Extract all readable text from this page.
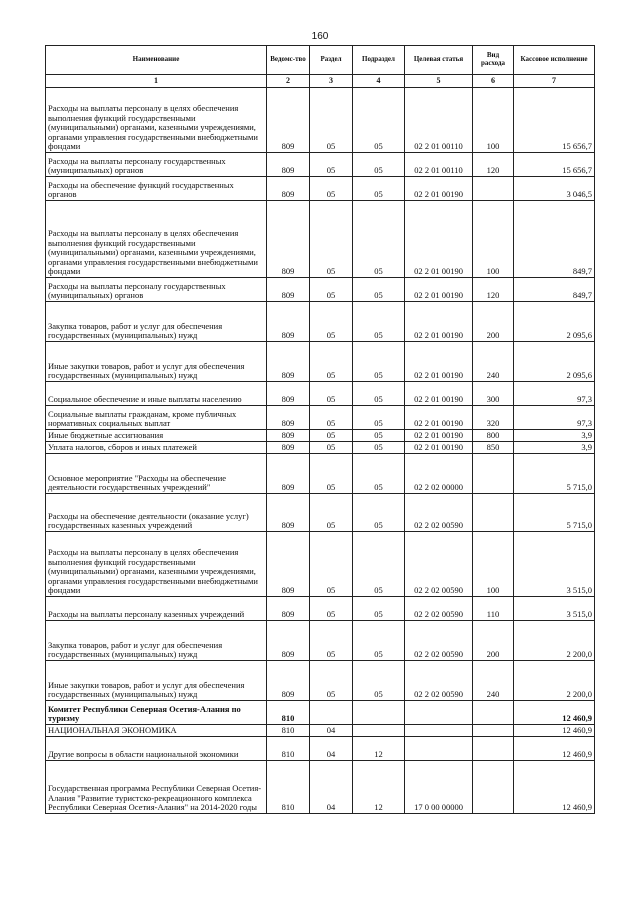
160
Наименование	Ведомс-тво	Раздел	Подраздел	Целевая статья	Вид расхода	Кассовое исполнение
1	2	3	4	5	6	7
Расходы на выплаты персоналу в целях обеспечения выполнения функций государственными (муниципальными) органами, казенными учреждениями, органами управления государственными внебюджетными фондами	809	05	05	02 2 01 00110	100	15 656,7
Расходы на выплаты персоналу государственных (муниципальных) органов	809	05	05	02 2 01 00110	120	15 656,7
Расходы на обеспечение функций государственных органов	809	05	05	02 2 01 00190		3 046,5
Расходы на выплаты персоналу в целях обеспечения выполнения функций государственными (муниципальными) органами, казенными учреждениями, органами управления государственными внебюджетными фондами	809	05	05	02 2 01 00190	100	849,7
Расходы на выплаты персоналу государственных (муниципальных) органов	809	05	05	02 2 01 00190	120	849,7
Закупка товаров, работ и услуг для обеспечения государственных (муниципальных) нужд	809	05	05	02 2 01 00190	200	2 095,6
Иные закупки товаров, работ и услуг для обеспечения государственных (муниципальных) нужд	809	05	05	02 2 01 00190	240	2 095,6
Социальное обеспечение и иные выплаты населению	809	05	05	02 2 01 00190	300	97,3
Социальные выплаты гражданам, кроме публичных нормативных социальных выплат	809	05	05	02 2 01 00190	320	97,3
Иные бюджетные ассигнования	809	05	05	02 2 01 00190	800	3,9
Уплата налогов, сборов и иных платежей	809	05	05	02 2 01 00190	850	3,9
Основное мероприятие "Расходы на обеспечение деятельности государственных учреждений"	809	05	05	02 2 02 00000		5 715,0
Расходы на обеспечение деятельности (оказание услуг) государственных казенных учреждений	809	05	05	02 2 02 00590		5 715,0
Расходы на выплаты персоналу в целях обеспечения выполнения функций государственными (муниципальными) органами, казенными учреждениями, органами управления государственными внебюджетными фондами	809	05	05	02 2 02 00590	100	3 515,0
Расходы на выплаты персоналу казенных учреждений	809	05	05	02 2 02 00590	110	3 515,0
Закупка товаров, работ и услуг для обеспечения государственных (муниципальных) нужд	809	05	05	02 2 02 00590	200	2 200,0
Иные закупки товаров, работ и услуг для обеспечения государственных (муниципальных) нужд	809	05	05	02 2 02 00590	240	2 200,0
Комитет Республики Северная Осетия-Алания по туризму	810					12 460,9
НАЦИОНАЛЬНАЯ ЭКОНОМИКА	810	04				12 460,9
Другие вопросы в области национальной экономики	810	04	12			12 460,9
Государственная программа Республики Северная Осетия-Алания "Развитие туристско-рекреационного комплекса Республики Северная Осетия-Алания" на 2014-2020 годы	810	04	12	17 0 00 00000		12 460,9
